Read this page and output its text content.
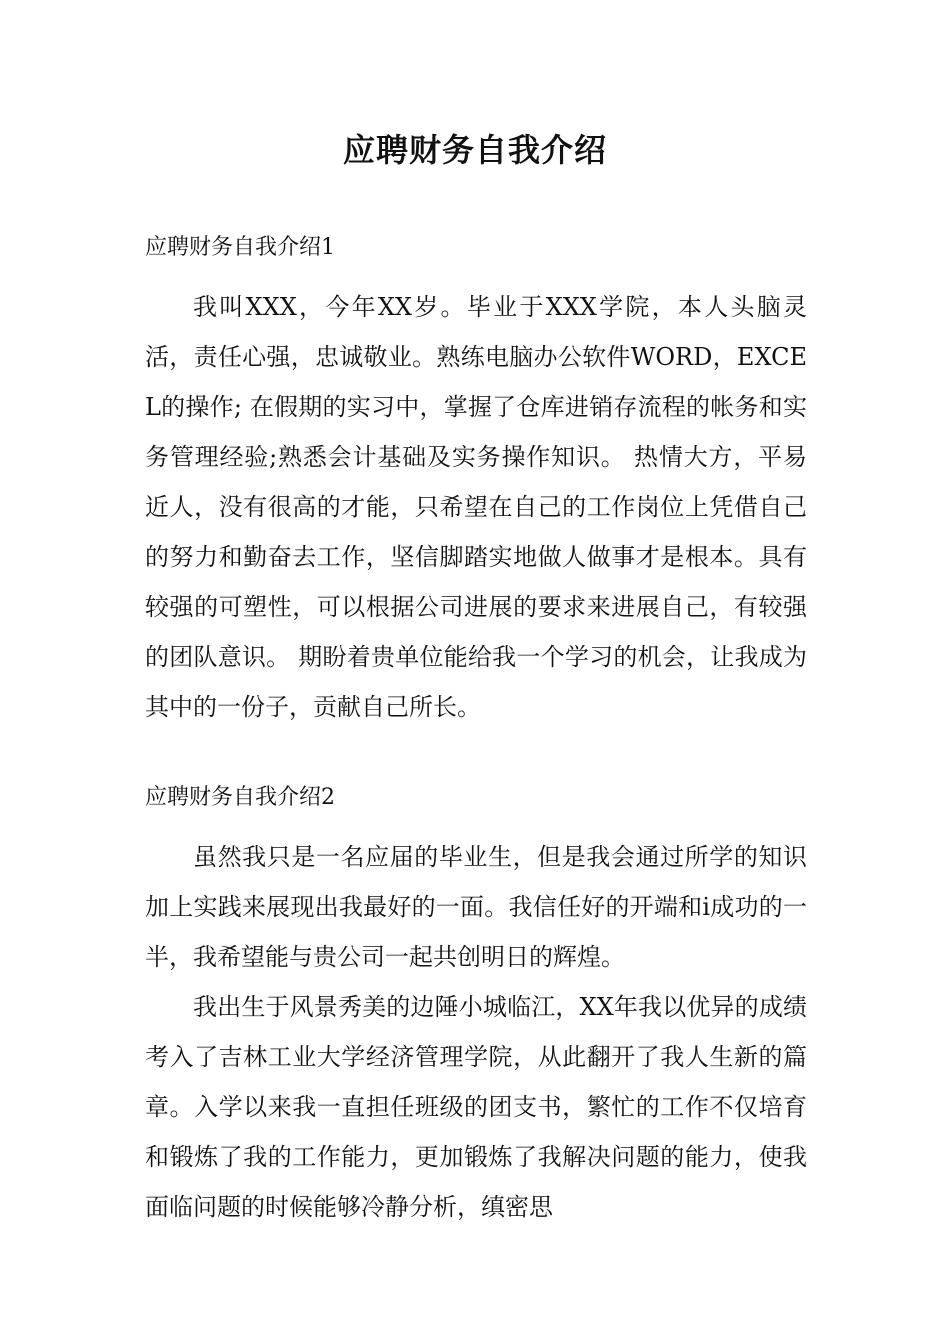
应聘财务自我介绍
应聘财务自我介绍1

我叫XXX，今年XX岁。毕业于XXX学院，本人头脑灵活，责任心强，忠诚敬业。熟练电脑办公软件WORD，EXCEL的操作; 在假期的实习中，掌握了仓库进销存流程的帐务和实务管理经验;熟悉会计基础及实务操作知识。 热情大方，平易近人，没有很高的才能，只希望在自己的工作岗位上凭借自己的努力和勤奋去工作，坚信脚踏实地做人做事才是根本。具有较强的可塑性，可以根据公司进展的要求来进展自己，有较强的团队意识。 期盼着贵单位能给我一个学习的机会，让我成为其中的一份子，贡献自己所长。

应聘财务自我介绍2

虽然我只是一名应届的毕业生，但是我会通过所学的知识加上实践来展现出我最好的一面。我信任好的开端和i成功的一半，我希望能与贵公司一起共创明日的辉煌。

我出生于风景秀美的边陲小城临江，XX年我以优异的成绩考入了吉林工业大学经济管理学院，从此翻开了我人生新的篇章。入学以来我一直担任班级的团支书，繁忙的工作不仅培育和锻炼了我的工作能力，更加锻炼了我解决问题的能力，使我面临问题的时候能够冷静分析，缜密思
